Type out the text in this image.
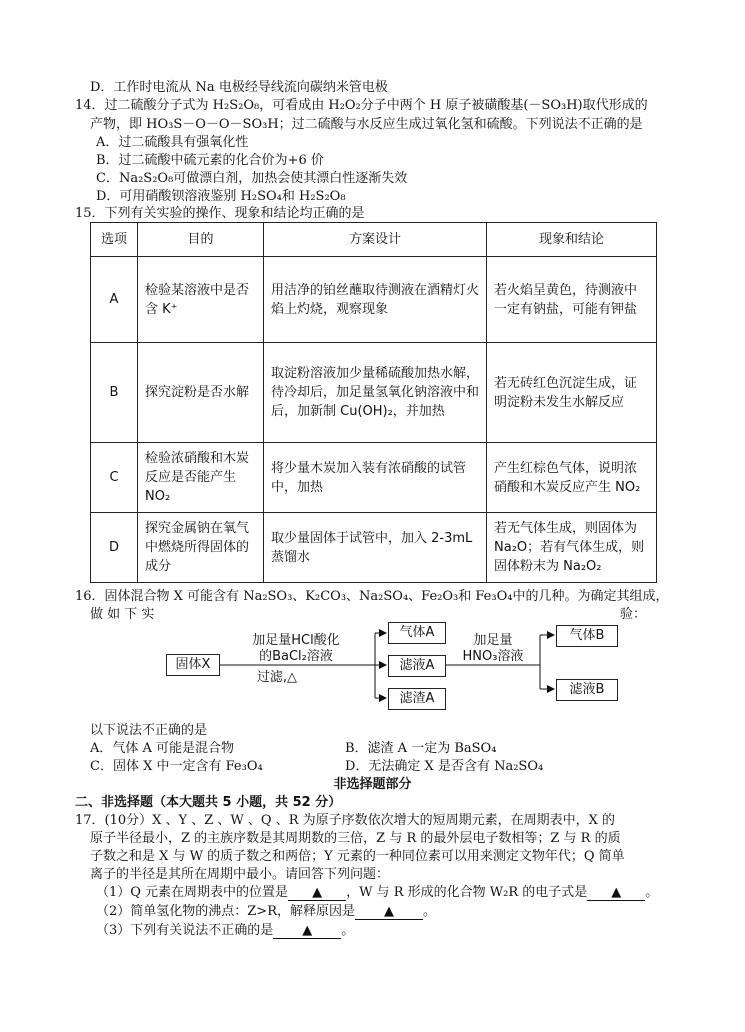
D．工作时电流从 Na 电极经导线流向碳纳米管电极
14．过二硫酸分子式为 H₂S₂O₈，可看成由 H₂O₂分子中两个 H 原子被磺酸基(－SO₃H)取代形成的
产物，即 HO₃S－O－O－SO₃H；过二硫酸与水反应生成过氧化氢和硫酸。下列说法不正确的是
A．过二硫酸具有强氧化性
B．过二硫酸中硫元素的化合价为+6 价
C．Na₂S₂O₈可做漂白剂，加热会使其漂白性逐渐失效
D．可用硝酸钡溶液鉴别 H₂SO₄和 H₂S₂O₈
15．下列有关实验的操作、现象和结论均正确的是
选项	目的	方案设计	现象和结论
A	检验某溶液中是否含 K⁺	用洁净的铂丝蘸取待测液在酒精灯火焰上灼烧，观察现象	若火焰呈黄色，待测液中一定有钠盐，可能有钾盐
B	探究淀粉是否水解	取淀粉溶液加少量稀硫酸加热水解，待冷却后，加足量氢氧化钠溶液中和后，加新制 Cu(OH)₂，并加热	若无砖红色沉淀生成，证明淀粉未发生水解反应
C	检验浓硝酸和木炭反应是否能产生 NO₂	将少量木炭加入装有浓硝酸的试管中，加热	产生红棕色气体，说明浓硝酸和木炭反应产生 NO₂
D	探究金属钠在氧气中燃烧所得固体的成分	取少量固体于试管中，加入 2-3mL 蒸馏水	若无气体生成，则固体为 Na₂O；若有气体生成，则固体粉末为 Na₂O₂
16．固体混合物 X 可能含有 Na₂SO₃、K₂CO₃、Na₂SO₄、Fe₂O₃和 Fe₃O₄中的几种。为确定其组成，
做 如 下 实	验：
固体X
加足量HCl酸化
的BaCl₂溶液
过滤,△
气体A
滤液A
滤渣A
加足量
HNO₃溶液
气体B
滤液B
以下说法不正确的是
A．气体 A 可能是混合物	B．滤渣 A 一定为 BaSO₄
C．固体 X 中一定含有 Fe₃O₄	D．无法确定 X 是否含有 Na₂SO₄
非选择题部分
二、非选择题（本大题共 5 小题，共 52 分）
17．(10分）X 、Y 、Z 、W 、Q 、R 为原子序数依次增大的短周期元素，在周期表中，X 的
原子半径最小，Z 的主族序数是其周期数的三倍，Z 与 R 的最外层电子数相等；Z 与 R 的质
子数之和是 X 与 W 的质子数之和两倍；Y 元素的一种同位素可以用来测定文物年代；Q 简单
离子的半径是其所在周期中最小。请回答下列问题：
（1）Q 元素在周期表中的位置是 ▲ ，W 与 R 形成的化合物 W₂R 的电子式是 ▲ 。
（2）简单氢化物的沸点：Z>R，解释原因是 ▲ 。
（3）下列有关说法不正确的是 ▲ 。
